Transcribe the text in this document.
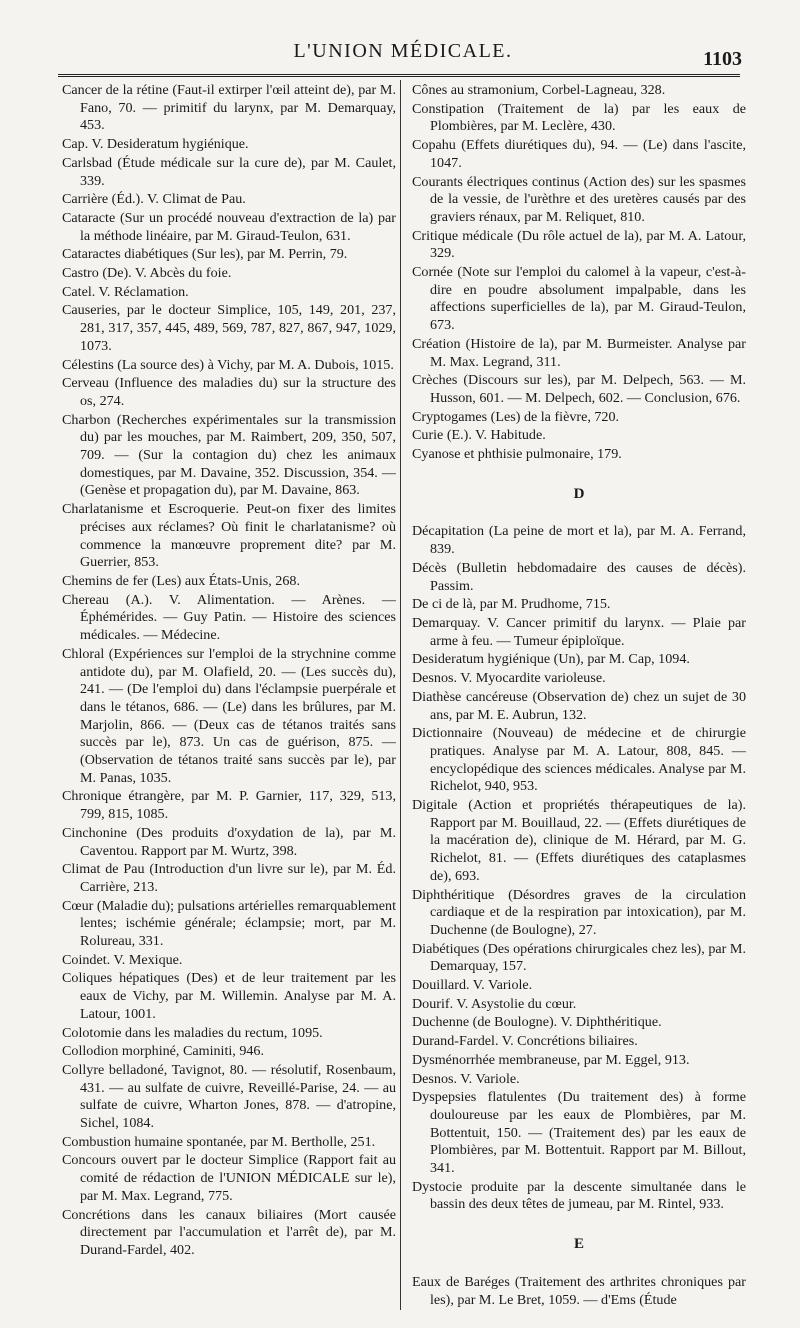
L'UNION MÉDICALE.	1103

Cancer de la rétine (Faut-il extirper l'œil atteint de), par M. Fano, 70. — primitif du larynx, par M. Demarquay, 453.

Cap. V. Desideratum hygiénique.

Carlsbad (Étude médicale sur la cure de), par M. Caulet, 339.

Carrière (Éd.). V. Climat de Pau.

Cataracte (Sur un procédé nouveau d'extraction de la) par la méthode linéaire, par M. Giraud-Teulon, 631.

Cataractes diabétiques (Sur les), par M. Perrin, 79.

Castro (De). V. Abcès du foie.

Catel. V. Réclamation.

Causeries, par le docteur Simplice, 105, 149, 201, 237, 281, 317, 357, 445, 489, 569, 787, 827, 867, 947, 1029, 1073.

Célestins (La source des) à Vichy, par M. A. Dubois, 1015.

Cerveau (Influence des maladies du) sur la structure des os, 274.

Charbon (Recherches expérimentales sur la transmission du) par les mouches, par M. Raimbert, 209, 350, 507, 709. — (Sur la contagion du) chez les animaux domestiques, par M. Davaine, 352. Discussion, 354. — (Genèse et propagation du), par M. Davaine, 863.

Charlatanisme et Escroquerie. Peut-on fixer des limites précises aux réclames? Où finit le charlatanisme? où commence la manœuvre proprement dite? par M. Guerrier, 853.

Chemins de fer (Les) aux États-Unis, 268.

Chereau (A.). V. Alimentation. — Arènes. — Éphémérides. — Guy Patin. — Histoire des sciences médicales. — Médecine.

Chloral (Expériences sur l'emploi de la strychnine comme antidote du), par M. Olafield, 20. — (Les succès du), 241. — (De l'emploi du) dans l'éclampsie puerpérale et dans le tétanos, 686. — (Le) dans les brûlures, par M. Marjolin, 866. — (Deux cas de tétanos traités sans succès par le), 873. Un cas de guérison, 875. — (Observation de tétanos traité sans succès par le), par M. Panas, 1035.

Chronique étrangère, par M. P. Garnier, 117, 329, 513, 799, 815, 1085.

Cinchonine (Des produits d'oxydation de la), par M. Caventou. Rapport par M. Wurtz, 398.

Climat de Pau (Introduction d'un livre sur le), par M. Éd. Carrière, 213.

Cœur (Maladie du); pulsations artérielles remarquablement lentes; ischémie générale; éclampsie; mort, par M. Rolureau, 331.

Coindet. V. Mexique.

Coliques hépatiques (Des) et de leur traitement par les eaux de Vichy, par M. Willemin. Analyse par M. A. Latour, 1001.

Colotomie dans les maladies du rectum, 1095.

Collodion morphiné, Caminiti, 946.

Collyre belladoné, Tavignot, 80. — résolutif, Rosenbaum, 431. — au sulfate de cuivre, Reveillé-Parise, 24. — au sulfate de cuivre, Wharton Jones, 878. — d'atropine, Sichel, 1084.

Combustion humaine spontanée, par M. Bertholle, 251.

Concours ouvert par le docteur Simplice (Rapport fait au comité de rédaction de l'UNION MÉDICALE sur le), par M. Max. Legrand, 775.

Concrétions dans les canaux biliaires (Mort causée directement par l'accumulation et l'arrêt de), par M. Durand-Fardel, 402.

Cônes au stramonium, Corbel-Lagneau, 328.

Constipation (Traitement de la) par les eaux de Plombières, par M. Leclère, 430.

Copahu (Effets diurétiques du), 94. — (Le) dans l'ascite, 1047.

Courants électriques continus (Action des) sur les spasmes de la vessie, de l'urèthre et des uretères causés par des graviers rénaux, par M. Reliquet, 810.

Critique médicale (Du rôle actuel de la), par M. A. Latour, 329.

Cornée (Note sur l'emploi du calomel à la vapeur, c'est-à-dire en poudre absolument impalpable, dans les affections superficielles de la), par M. Giraud-Teulon, 673.

Création (Histoire de la), par M. Burmeister. Analyse par M. Max. Legrand, 311.

Crèches (Discours sur les), par M. Delpech, 563. — M. Husson, 601. — M. Delpech, 602. — Conclusion, 676.

Cryptogames (Les) de la fièvre, 720.

Curie (E.). V. Habitude.

Cyanose et phthisie pulmonaire, 179.

D

Décapitation (La peine de mort et la), par M. A. Ferrand, 839.

Décès (Bulletin hebdomadaire des causes de décès). Passim.

De ci de là, par M. Prudhome, 715.

Demarquay. V. Cancer primitif du larynx. — Plaie par arme à feu. — Tumeur épiploïque.

Desideratum hygiénique (Un), par M. Cap, 1094.

Desnos. V. Myocardite varioleuse.

Diathèse cancéreuse (Observation de) chez un sujet de 30 ans, par M. E. Aubrun, 132.

Dictionnaire (Nouveau) de médecine et de chirurgie pratiques. Analyse par M. A. Latour, 808, 845. — encyclopédique des sciences médicales. Analyse par M. Richelot, 940, 953.

Digitale (Action et propriétés thérapeutiques de la). Rapport par M. Bouillaud, 22. — (Effets diurétiques de la macération de), clinique de M. Hérard, par M. G. Richelot, 81. — (Effets diurétiques des cataplasmes de), 693.

Diphthéritique (Désordres graves de la circulation cardiaque et de la respiration par intoxication), par M. Duchenne (de Boulogne), 27.

Diabétiques (Des opérations chirurgicales chez les), par M. Demarquay, 157.

Douillard. V. Variole.

Dourif. V. Asystolie du cœur.

Duchenne (de Boulogne). V. Diphthéritique.

Durand-Fardel. V. Concrétions biliaires.

Dysménorrhée membraneuse, par M. Eggel, 913.

Desnos. V. Variole.

Dyspepsies flatulentes (Du traitement des) à forme douloureuse par les eaux de Plombières, par M. Bottentuit, 150. — (Traitement des) par les eaux de Plombières, par M. Bottentuit. Rapport par M. Billout, 341.

Dystocie produite par la descente simultanée dans le bassin des deux têtes de jumeau, par M. Rintel, 933.

E

Eaux de Baréges (Traitement des arthrites chroniques par les), par M. Le Bret, 1059. — d'Ems (Étude
